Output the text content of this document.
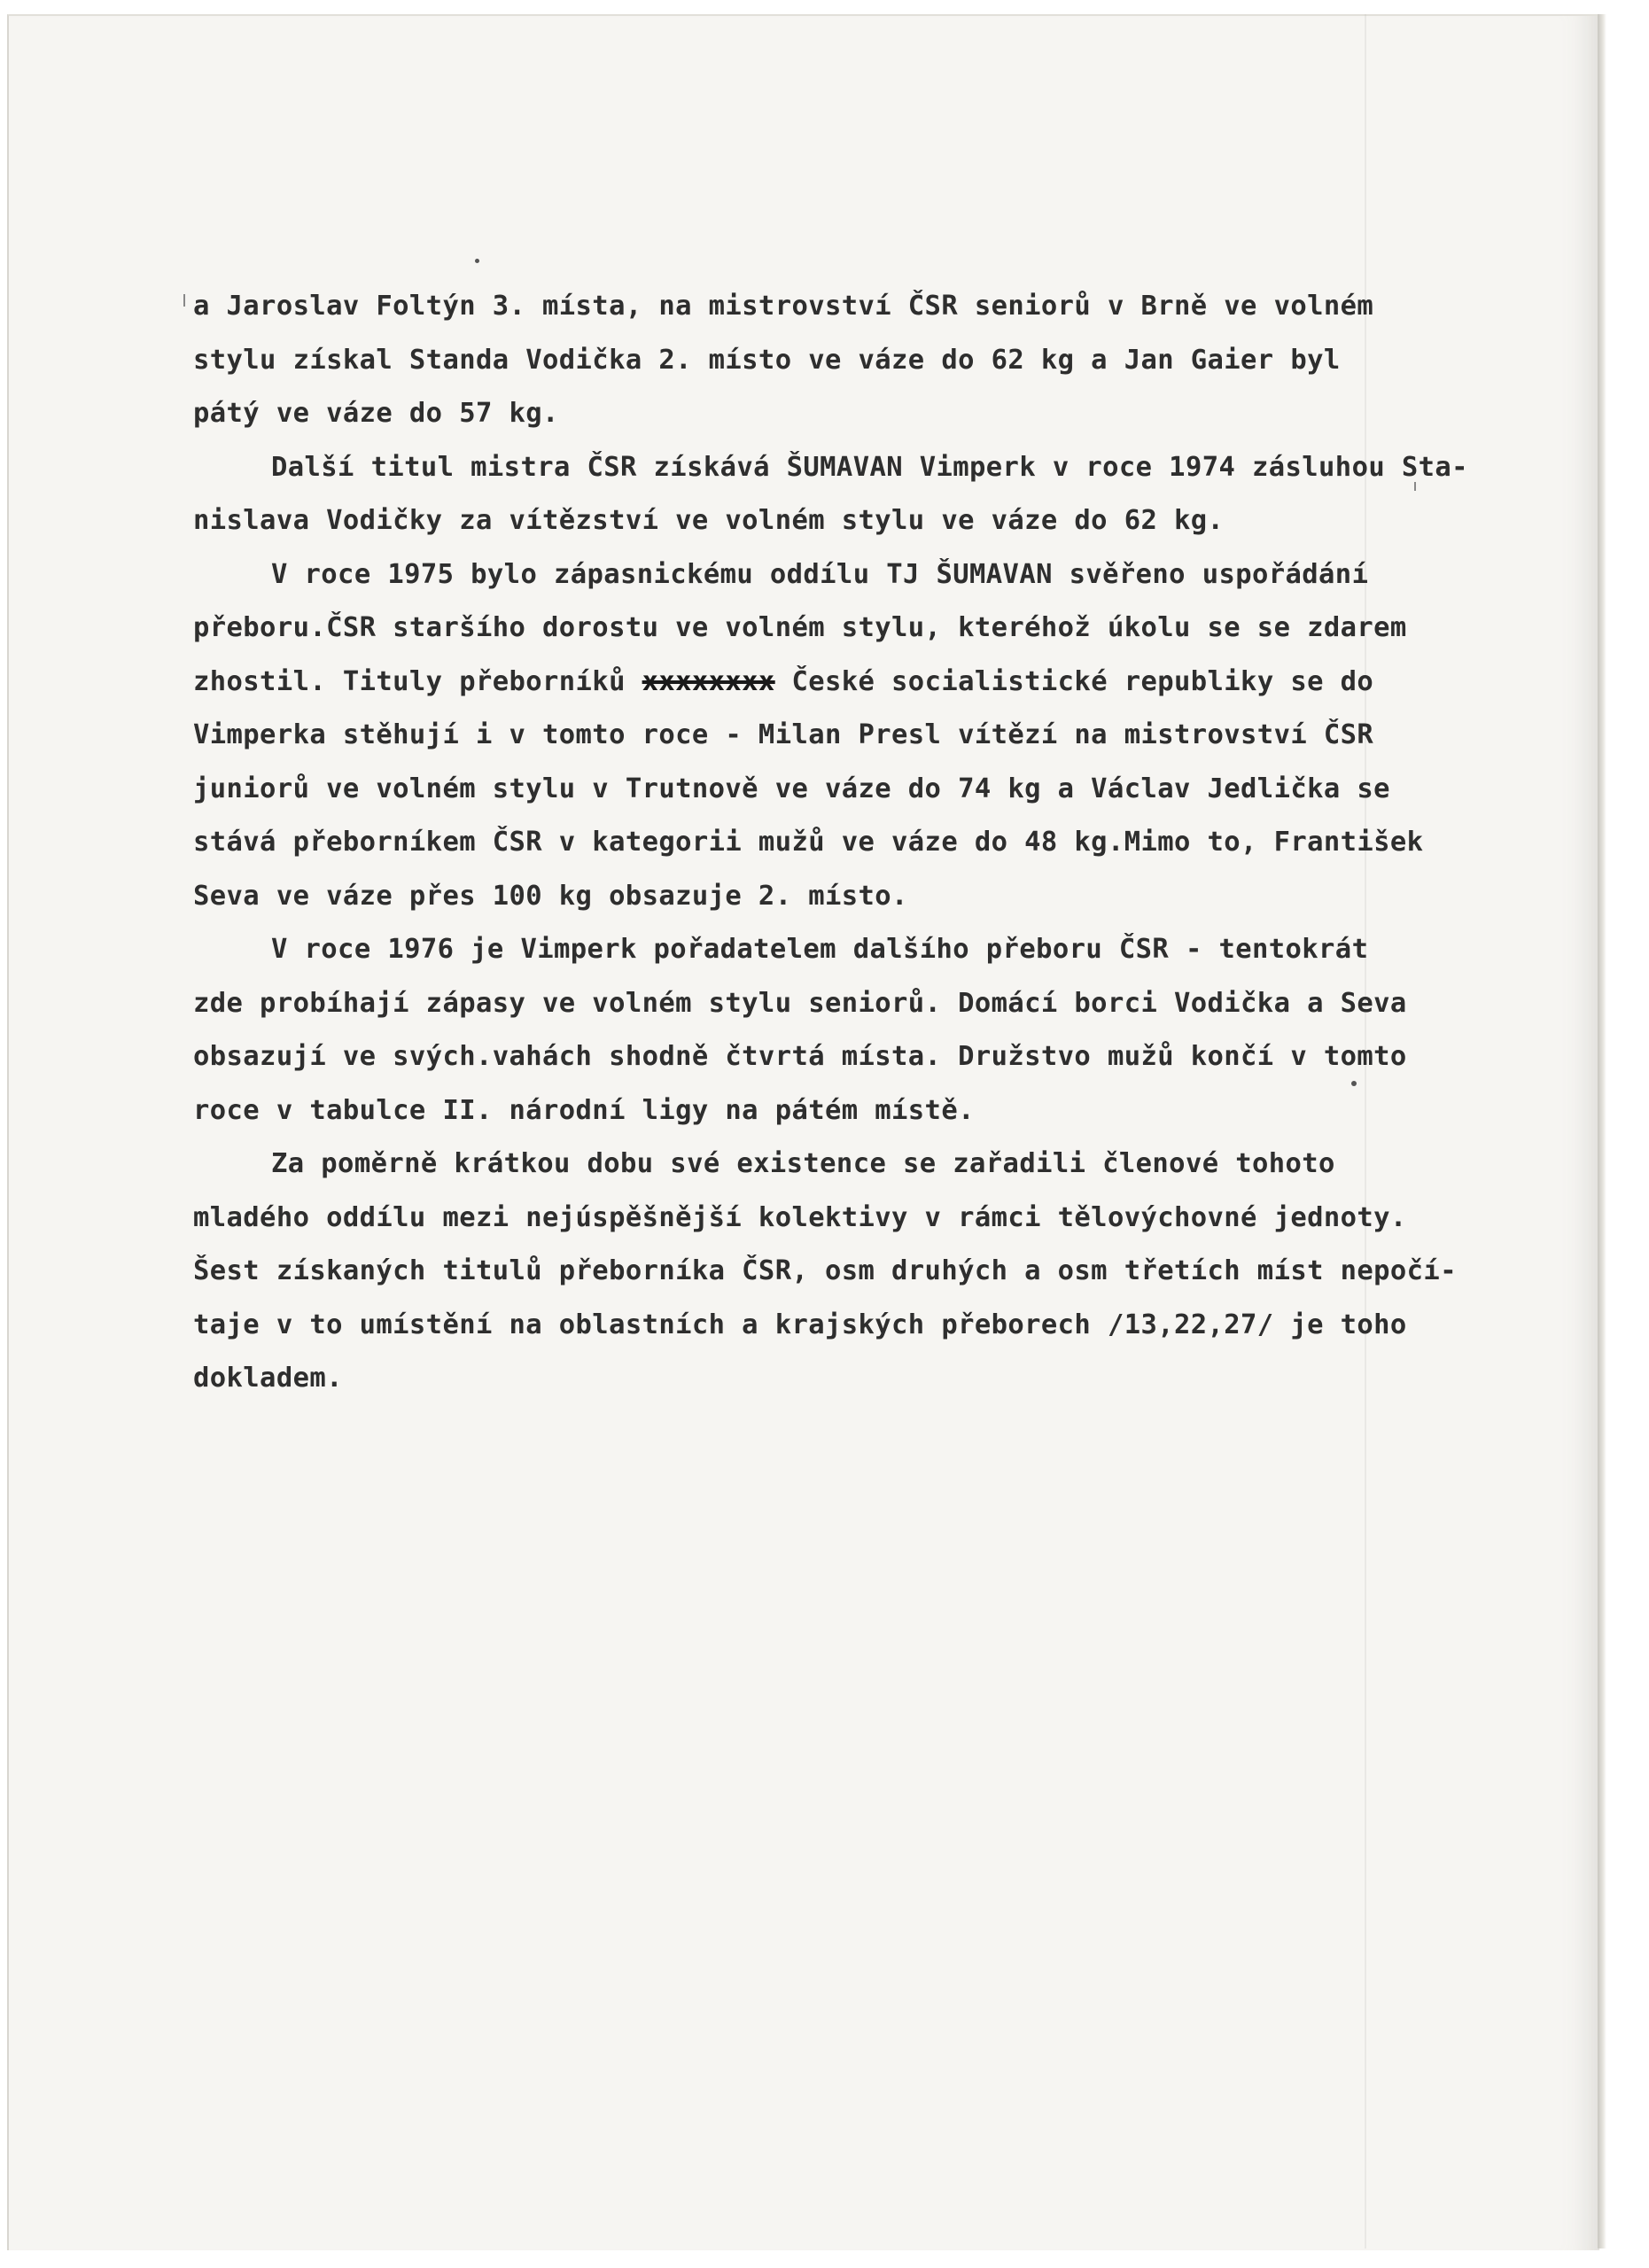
a Jaroslav Foltýn 3. místa, na mistrovství ČSR seniorů v Brně ve volném
stylu získal Standa Vodička 2. místo ve váze do 62 kg a Jan Gaier byl
pátý ve váze do 57 kg.
Další titul mistra ČSR získává ŠUMAVAN Vimperk v roce 1974 zásluhou Sta-
nislava Vodičky za vítězství ve volném stylu ve váze do 62 kg.
V roce 1975 bylo zápasnickému oddílu TJ ŠUMAVAN svěřeno uspořádání
přeboru.ČSR staršího dorostu ve volném stylu, kteréhož úkolu se se zdarem
zhostil. Tituly přeborníků xxxxxxxx České socialistické republiky se do
Vimperka stěhují i v tomto roce - Milan Presl vítězí na mistrovství ČSR
juniorů ve volném stylu v Trutnově ve váze do 74 kg a Václav Jedlička se
stává přeborníkem ČSR v kategorii mužů ve váze do 48 kg.Mimo to, František
Seva ve váze přes 100 kg obsazuje 2. místo.
V roce 1976 je Vimperk pořadatelem dalšího přeboru ČSR - tentokrát
zde probíhají zápasy ve volném stylu seniorů. Domácí borci Vodička a Seva
obsazují ve svých.vahách shodně čtvrtá místa. Družstvo mužů končí v tomto
roce v tabulce II. národní ligy na pátém místě.
Za poměrně krátkou dobu své existence se zařadili členové tohoto
mladého oddílu mezi nejúspěšnější kolektivy v rámci tělovýchovné jednoty.
Šest získaných titulů přeborníka ČSR, osm druhých a osm třetích míst nepočí-
taje v to umístění na oblastních a krajských přeborech /13,22,27/ je toho
dokladem.
